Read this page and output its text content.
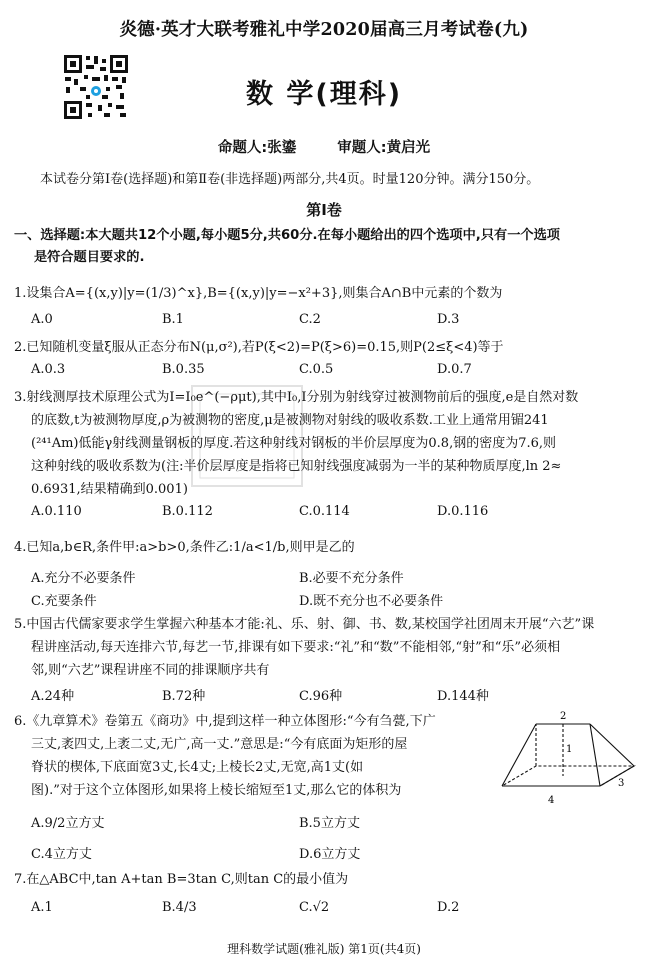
炎德·英才大联考雅礼中学2020届高三月考试卷(九)
数 学(理科)
命题人:张鎏	审题人:黄启光
本试卷分第Ⅰ卷(选择题)和第Ⅱ卷(非选择题)两部分,共4页。时量120分钟。满分150分。
第Ⅰ卷
一、选择题:本大题共12个小题,每小题5分,共60分.在每小题给出的四个选项中,只有一个选项
是符合题目要求的.
1.设集合A={(x,y)|y=(1/3)^x},B={(x,y)|y=−x²+3},则集合A∩B中元素的个数为
A.0	B.1	C.2	D.3
2.已知随机变量ξ服从正态分布N(μ,σ²),若P(ξ<2)=P(ξ>6)=0.15,则P(2≤ξ<4)等于
A.0.3	B.0.35	C.0.5	D.0.7
3.射线测厚技术原理公式为I=I₀e^(−ρμt),其中I₀,I分别为射线穿过被测物前后的强度,e是自然对数
的底数,t为被测物厚度,ρ为被测物的密度,μ是被测物对射线的吸收系数.工业上通常用镅241
(²⁴¹Am)低能γ射线测量钢板的厚度.若这种射线对钢板的半价层厚度为0.8,钢的密度为7.6,则
这种射线的吸收系数为(注:半价层厚度是指将已知射线强度减弱为一半的某种物质厚度,ln 2≈
0.6931,结果精确到0.001)
A.0.110	B.0.112	C.0.114	D.0.116
4.已知a,b∈R,条件甲:a>b>0,条件乙:1/a<1/b,则甲是乙的
A.充分不必要条件	B.必要不充分条件
C.充要条件	D.既不充分也不必要条件
5.中国古代儒家要求学生掌握六种基本才能:礼、乐、射、御、书、数,某校国学社团周末开展“六艺”课
程讲座活动,每天连排六节,每艺一节,排课有如下要求:“礼”和“数”不能相邻,“射”和“乐”必须相
邻,则“六艺”课程讲座不同的排课顺序共有
A.24种	B.72种	C.96种	D.144种
6.《九章算术》卷第五《商功》中,提到这样一种立体图形:“今有刍甍,下广
三丈,袤四丈,上袤二丈,无广,高一丈.”意思是:“今有底面为矩形的屋
脊状的楔体,下底面宽3丈,长4丈;上棱长2丈,无宽,高1丈(如
图).”对于这个立体图形,如果将上棱长缩短至1丈,那么它的体积为
2
1
3
4
A.9/2立方丈	B.5立方丈
C.4立方丈	D.6立方丈
7.在△ABC中,tan A+tan B=3tan C,则tan C的最小值为
A.1	B.4/3	C.√2	D.2
理科数学试题(雅礼版) 第1页(共4页)
